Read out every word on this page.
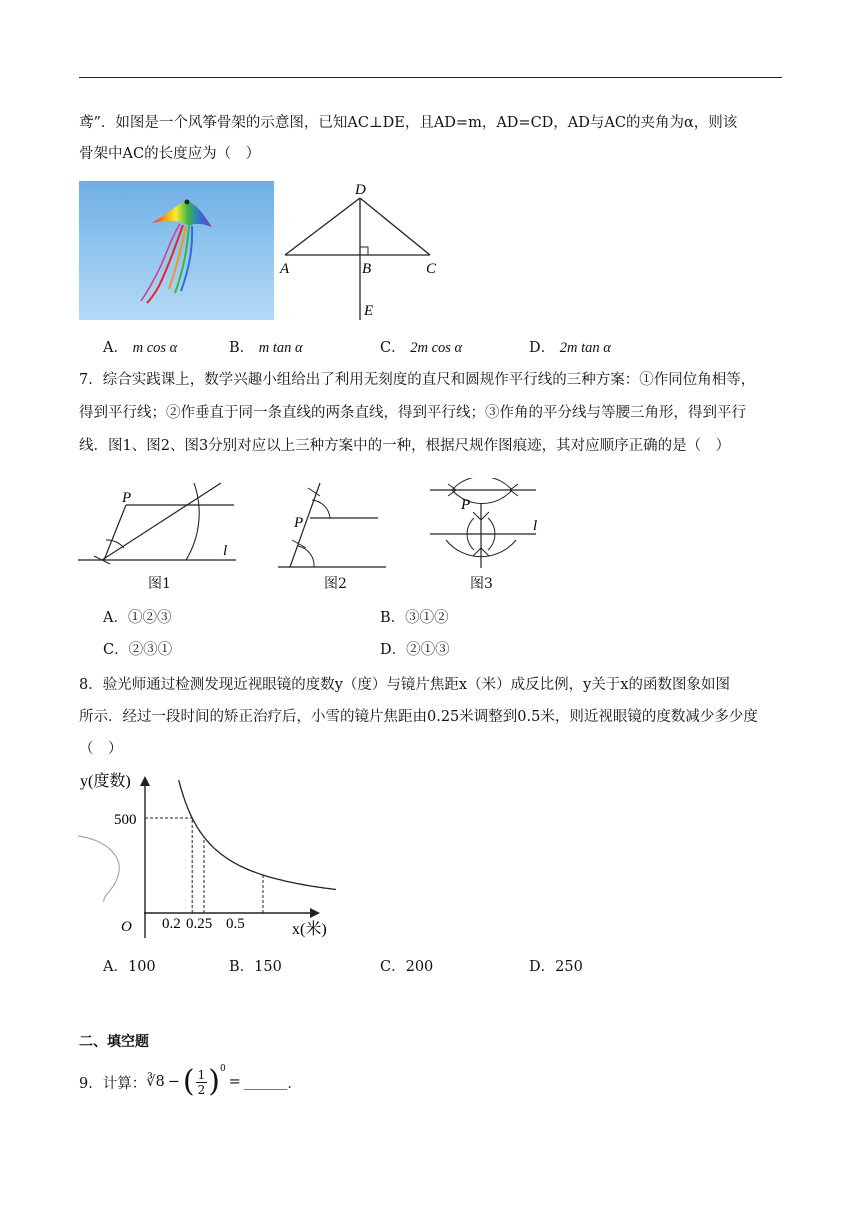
鸢”．如图是一个风筝骨架的示意图，已知AC⊥DE，且AD=m，AD=CD，AD与AC的夹角为α，则该
骨架中AC的长度应为（　）
D
A	B	C
E
A． m cos α	B． m tan α	C． 2m cos α	D． 2m tan α
7．综合实践课上，数学兴趣小组给出了利用无刻度的直尺和圆规作平行线的三种方案：①作同位角相等，
得到平行线；②作垂直于同一条直线的两条直线，得到平行线；③作角的平分线与等腰三角形，得到平行
线．图1、图2、图3分别对应以上三种方案中的一种，根据尺规作图痕迹，其对应顺序正确的是（　）
P
l
图1
P
图2
P
l
图3
A．①②③	B．③①②
C．②③①	D．②①③
8．验光师通过检测发现近视眼镜的度数y（度）与镜片焦距x（米）成反比例，y关于x的函数图象如图
所示．经过一段时间的矫正治疗后，小雪的镜片焦距由0.25米调整到0.5米，则近视眼镜的度数减少多少度
（　）
y(度数)
x(米)
O
500
0.2 0.25 0.5
A．100	B．150	C．200	D．250
二、填空题
9．计算： ∛8 − ( $\frac{1}{2}$ ) 0
= ______ ．
